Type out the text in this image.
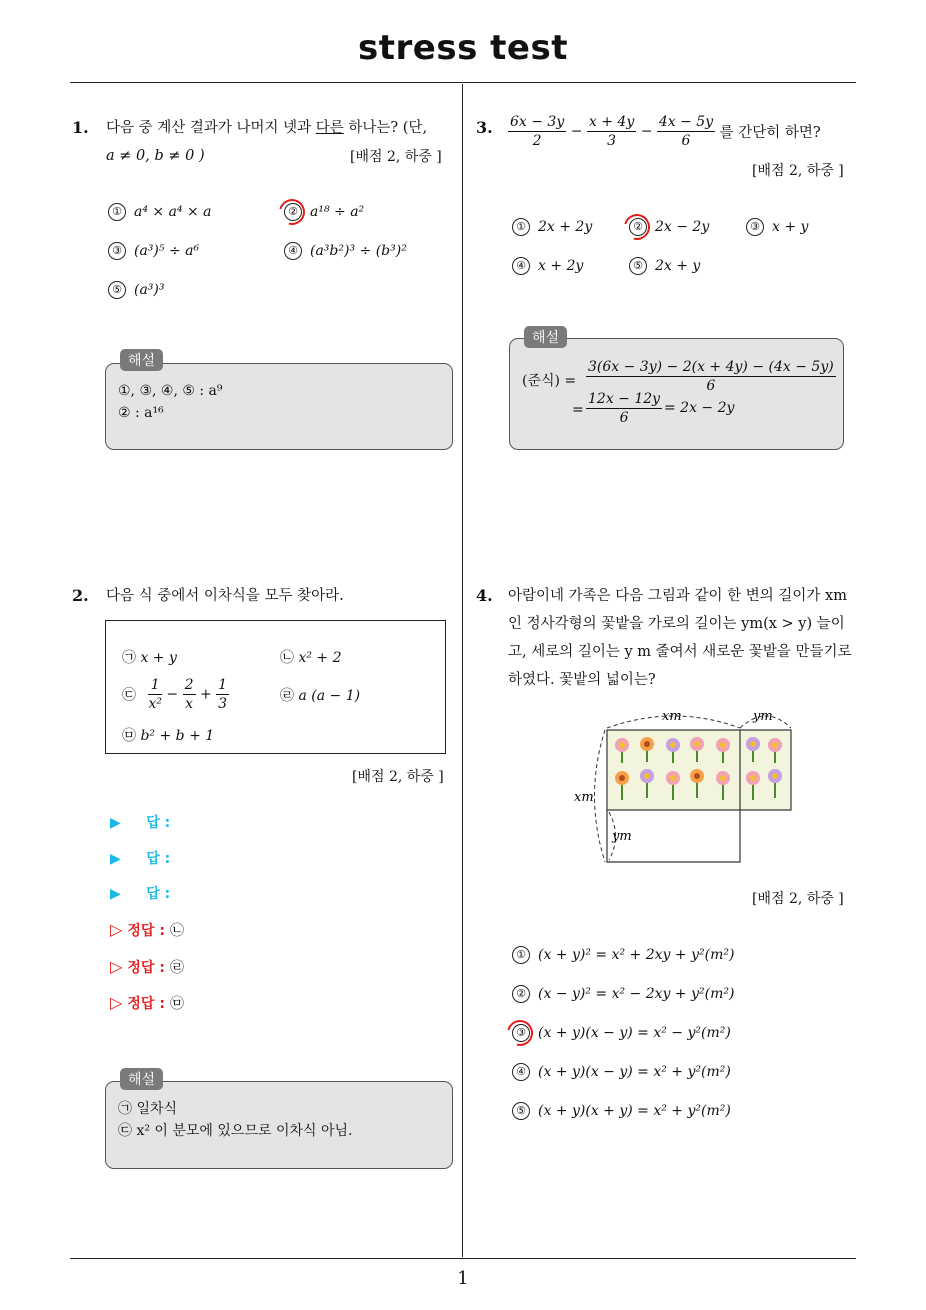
stress test
1
1. 다음 중 계산 결과가 나머지 넷과 다른 하나는? (단,
a ≠ 0, b ≠ 0 )	[배점 2, 하중 ]
① a⁴ × a⁴ × a	② a¹⁸ ÷ a²
③ (a³)⁵ ÷ a⁶	④ (a³b²)³ ÷ (b³)²
⑤ (a³)³
①, ③, ④, ⑤ : a⁹
② : a¹⁶
해설
2. 다음 식 중에서 이차식을 모두 찾아라.
㉠ x + y	㉡ x² + 2
㉢ $\frac{1}{\text{x²}} - \frac{2}{x} + \frac{1}{3}$	㉣ a (a − 1)
㉤ b² + b + 1
[배점 2, 하중 ]
▶ 답 :
▶ 답 :
▶ 답 :
▷ 정답 : ㉡
▷ 정답 : ㉣
▷ 정답 : ㉤
㉠ 일차식
㉢ x² 이 분모에 있으므로 이차식 아님.
해설
3. $\frac{6x - 3y}{2} - \frac{x + 4y}{3} - \frac{4x - 5y}{6}$ 를 간단히 하면?
[배점 2, 하중 ]
① 2x + 2y	② 2x − 2y	③ x + y
④ x + 2y	⑤ 2x + y
해설
(준식) = $\frac{3(6x - 3y) - 2(x + 4y) - (4x - 5y)}{6}$
= $\frac{12x - 12y}{6} = 2x - 2y$
4. 아람이네 가족은 다음 그림과 같이 한 변의 길이가 xm
인 정사각형의 꽃밭을 가로의 길이는 ym(x > y) 늘이
고, 세로의 길이는 y m 줄여서 새로운 꽃밭을 만들기로
하였다. 꽃밭의 넓이는?
xm	ym
xm
ym
[배점 2, 하중 ]
① (x + y)² = x² + 2xy + y²(m²)
② (x − y)² = x² − 2xy + y²(m²)
③ (x + y)(x − y) = x² − y²(m²)
④ (x + y)(x − y) = x² + y²(m²)
⑤ (x + y)(x + y) = x² + y²(m²)
